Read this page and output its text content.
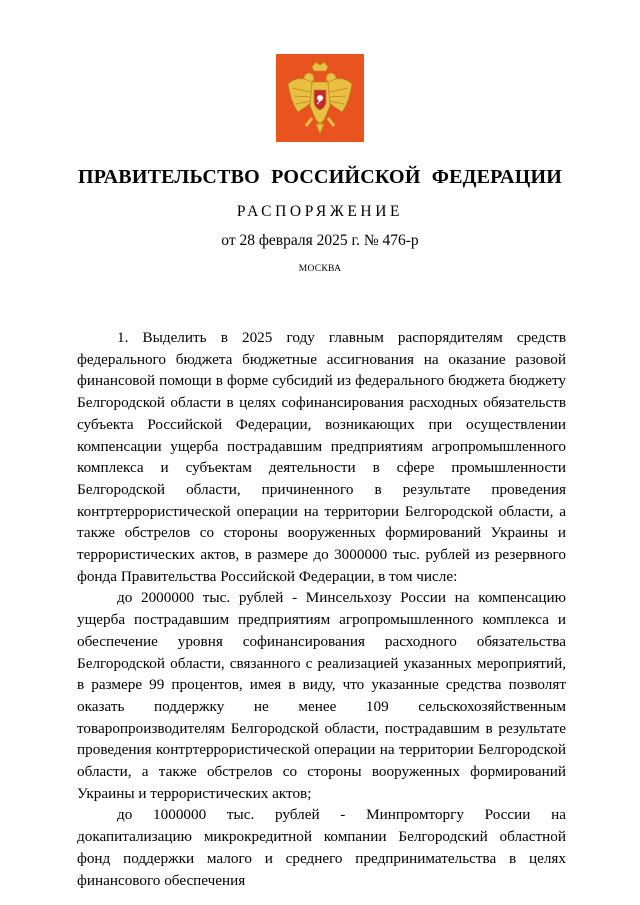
ПРАВИТЕЛЬСТВО РОССИЙСКОЙ ФЕДЕРАЦИИ
РАСПОРЯЖЕНИЕ
от 28 февраля 2025 г. № 476-р
МОСКВА

1. Выделить в 2025 году главным распорядителям средств федерального бюджета бюджетные ассигнования на оказание разовой финансовой помощи в форме субсидий из федерального бюджета бюджету Белгородской области в целях софинансирования расходных обязательств субъекта Российской Федерации, возникающих при осуществлении компенсации ущерба пострадавшим предприятиям агропромышленного комплекса и субъектам деятельности в сфере промышленности Белгородской области, причиненного в результате проведения контртеррористической операции на территории Белгородской области, а также обстрелов со стороны вооруженных формирований Украины и террористических актов, в размере до 3000000 тыс. рублей из резервного фонда Правительства Российской Федерации, в том числе:

до 2000000 тыс. рублей - Минсельхозу России на компенсацию ущерба пострадавшим предприятиям агропромышленного комплекса и обеспечение уровня софинансирования расходного обязательства Белгородской области, связанного с реализацией указанных мероприятий, в размере 99 процентов, имея в виду, что указанные средства позволят оказать поддержку не менее 109 сельскохозяйственным товаропроизводителям Белгородской области, пострадавшим в результате проведения контртеррористической операции на территории Белгородской области, а также обстрелов со стороны вооруженных формирований Украины и террористических актов;

до 1000000 тыс. рублей - Минпромторгу России на докапитализацию микрокредитной компании Белгородский областной фонд поддержки малого и среднего предпринимательства в целях финансового обеспечения
